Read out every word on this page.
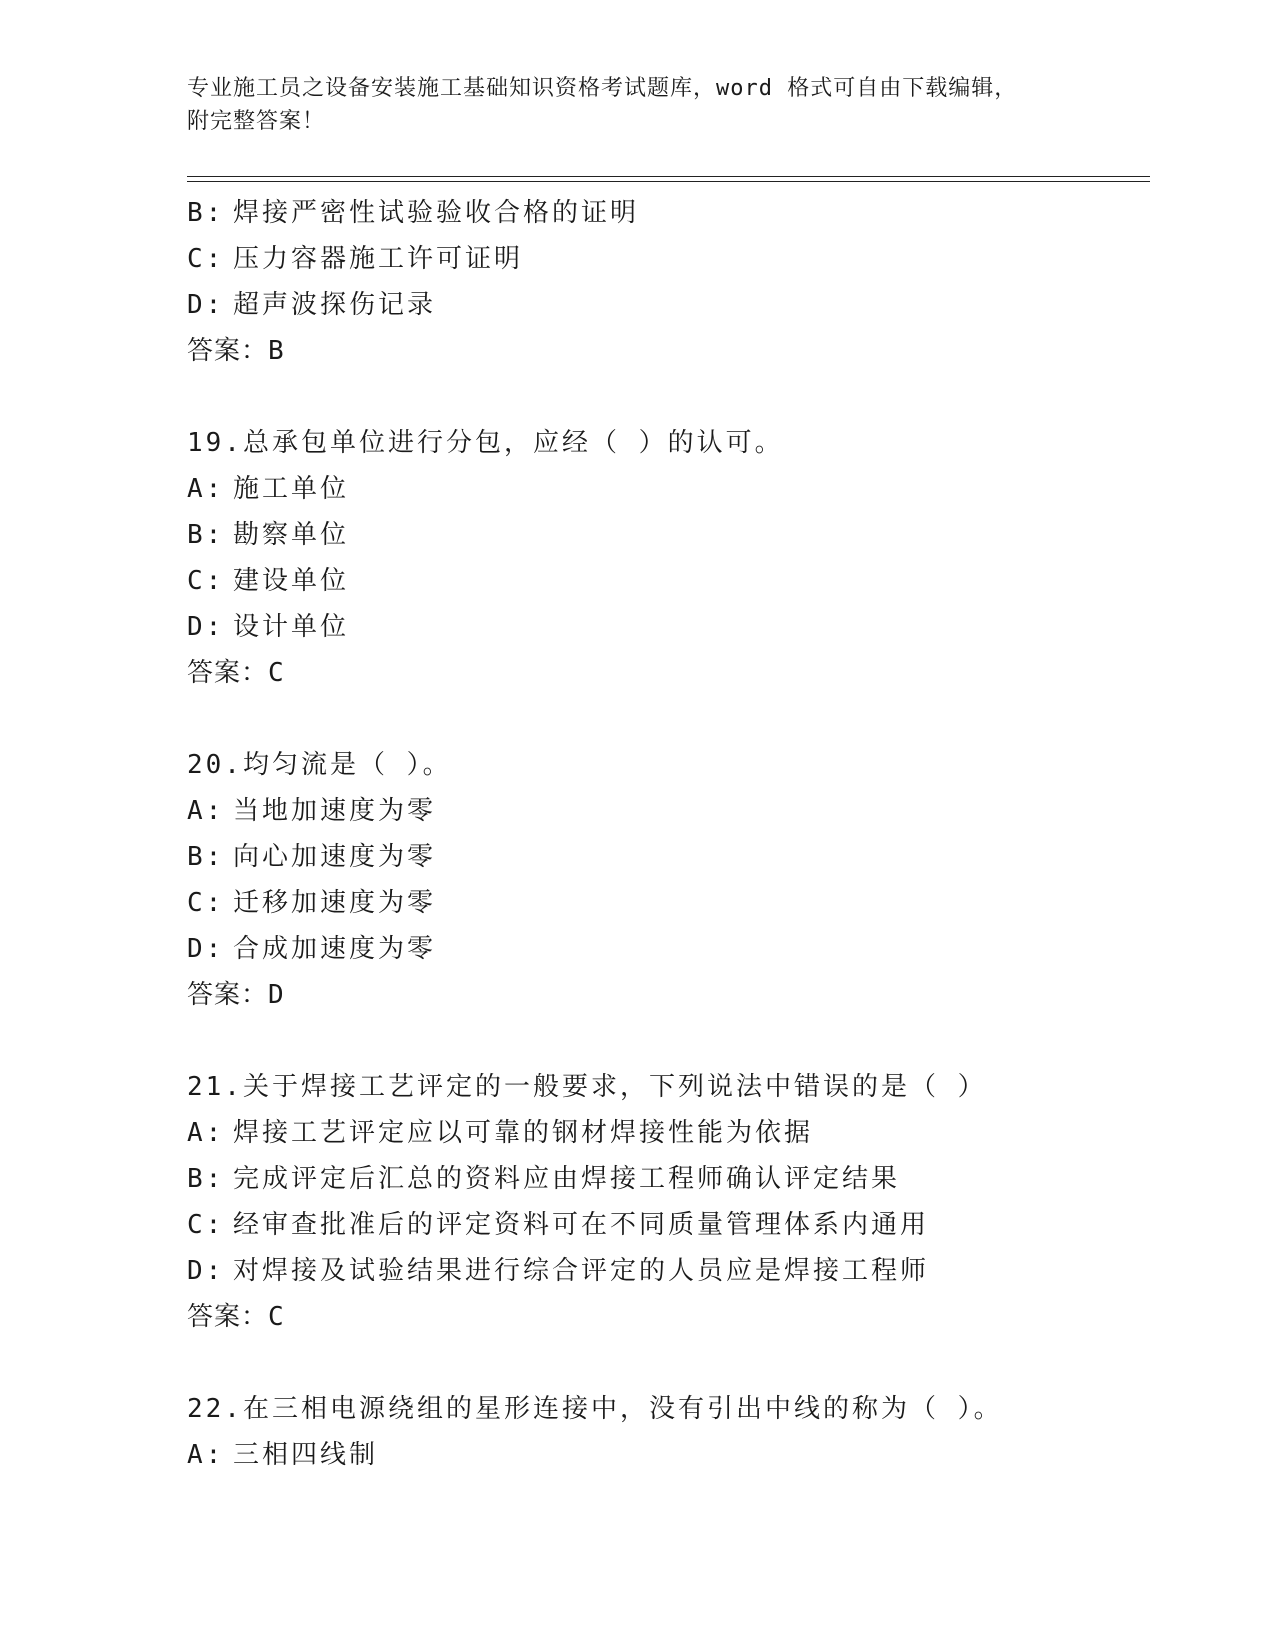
专业施工员之设备安装施工基础知识资格考试题库，word 格式可自由下载编辑，
附完整答案！
B: 焊接严密性试验验收合格的证明
C: 压力容器施工许可证明
D: 超声波探伤记录
答案：B
19.总承包单位进行分包，应经（ ）的认可。
A: 施工单位
B: 勘察单位
C: 建设单位
D: 设计单位
答案：C
20.均匀流是（ ）。
A: 当地加速度为零
B: 向心加速度为零
C: 迁移加速度为零
D: 合成加速度为零
答案：D
21.关于焊接工艺评定的一般要求，下列说法中错误的是（ ）
A: 焊接工艺评定应以可靠的钢材焊接性能为依据
B: 完成评定后汇总的资料应由焊接工程师确认评定结果
C: 经审查批准后的评定资料可在不同质量管理体系内通用
D: 对焊接及试验结果进行综合评定的人员应是焊接工程师
答案：C
22.在三相电源绕组的星形连接中，没有引出中线的称为（ ）。
A: 三相四线制
